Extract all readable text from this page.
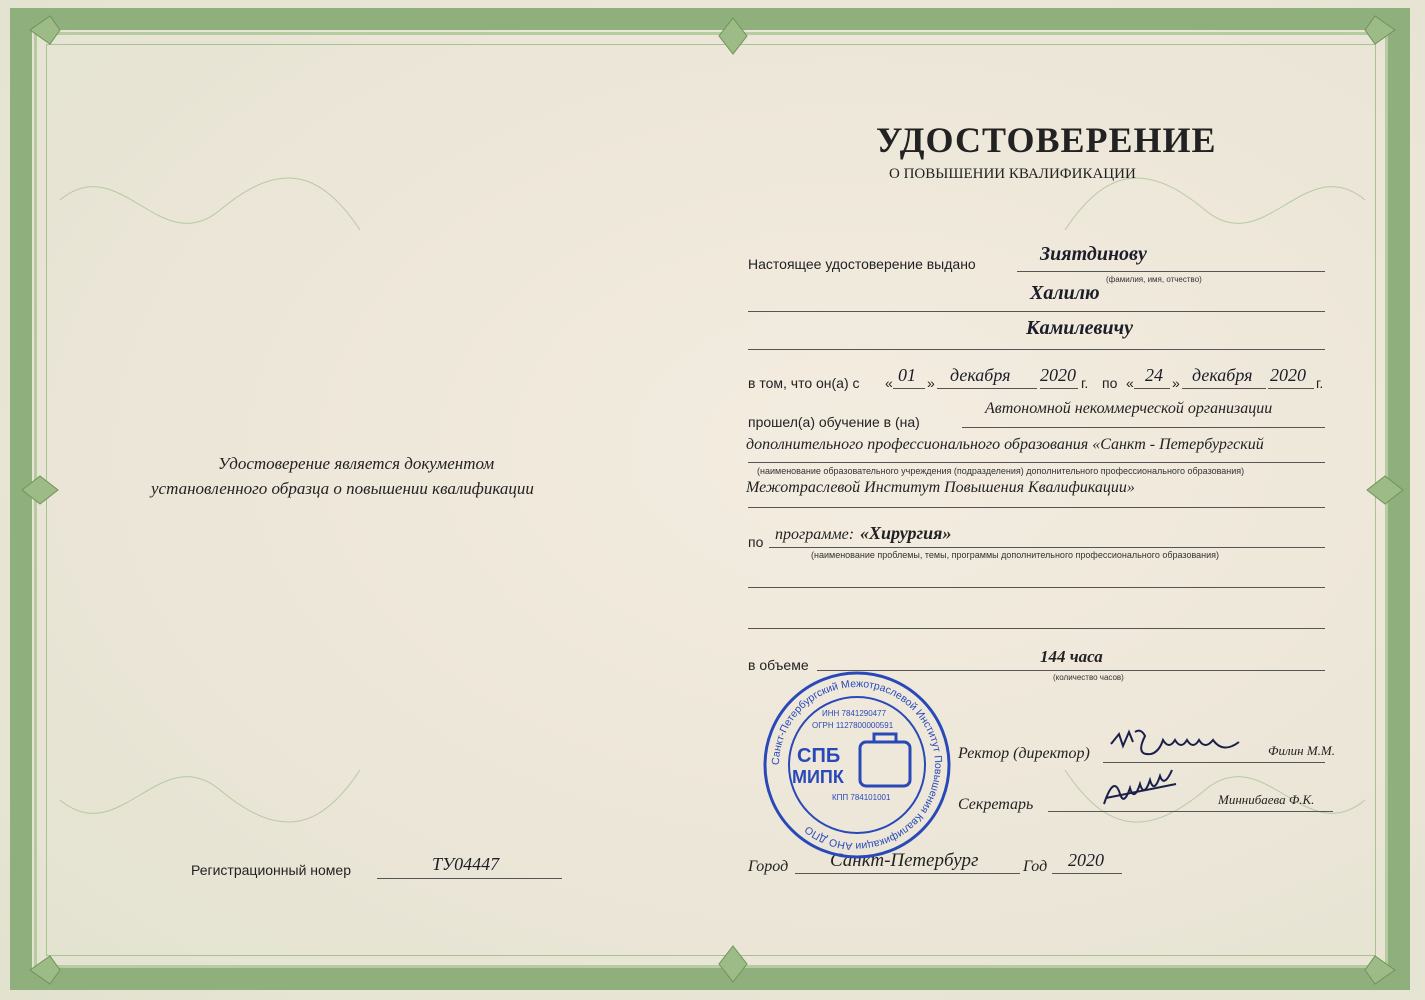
УДОСТОВЕРЕНИЕ
О ПОВЫШЕНИИ КВАЛИФИКАЦИИ
Удостоверение является документом
установленного образца о повышении квалификации
Регистрационный номер	ТУ04447
Настоящее удостоверение выдано	Зиятдинову
(фамилия, имя, отчество)
Халилю
Камилевичу
в том, что он(а) с « 01 » декабря 2020 г. по « 24 » декабря 2020 г.
прошел(а) обучение в (на)
Автономной некоммерческой организации
дополнительного профессионального образования «Санкт - Петербургский
(наименование образовательного учреждения (подразделения) дополнительного профессионального образования)
Межотраслевой Институт Повышения Квалификации»
по программе: «Хирургия»
(наименование проблемы, темы, программы дополнительного профессионального образования)
в объеме	144 часа
(количество часов)
Ректор (директор)	Филин М.М.
Секретарь	Миннибаева Ф.К.
Город Санкт-Петербург	Год 2020
Санкт-Петербургский Межотраслевой Институт Повышения Квалификации АНО ДПО
ИНН 7841290477
ОГРН 1127800000591
СПБ
МИПК
КПП 784101001
